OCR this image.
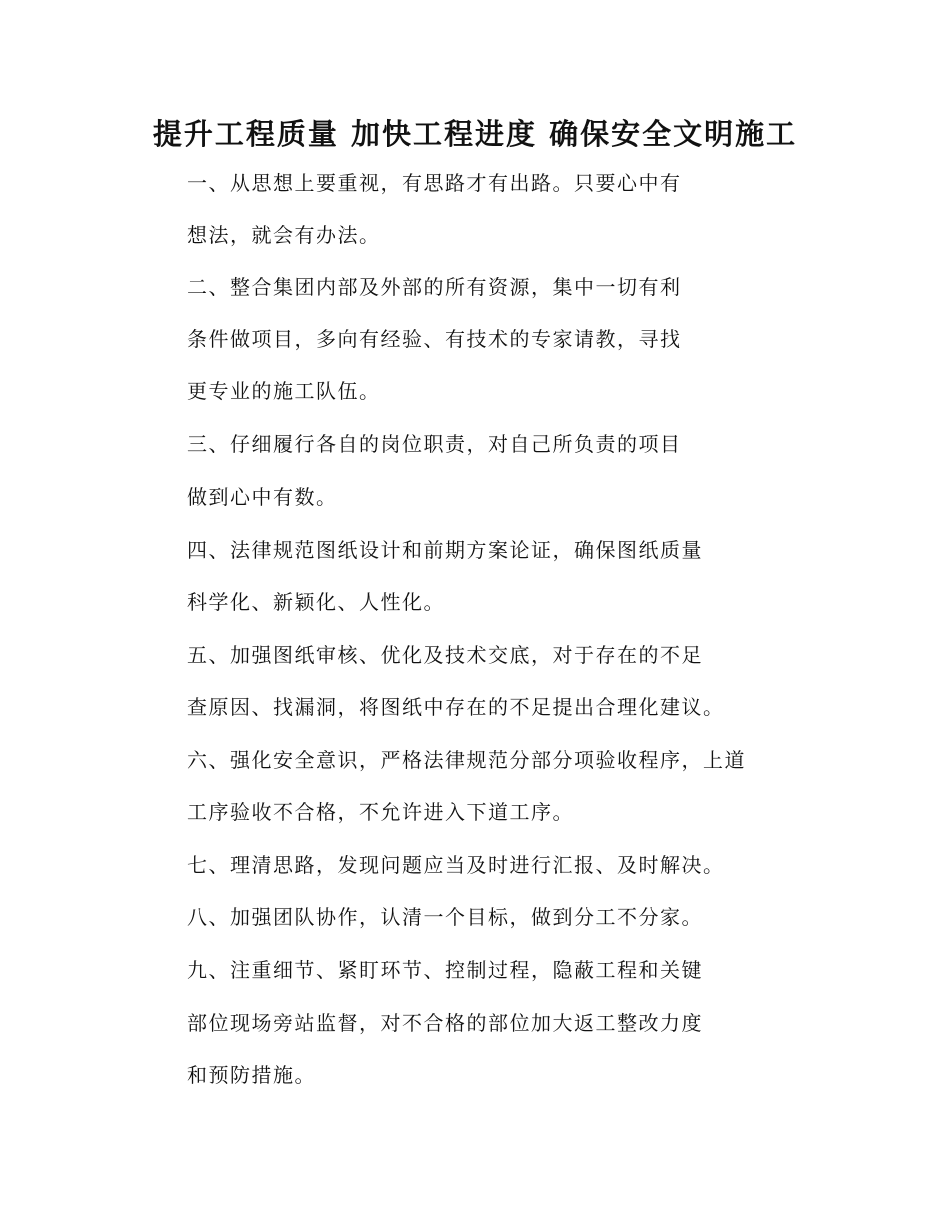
提升工程质量 加快工程进度 确保安全文明施工
一、从思想上要重视，有思路才有出路。只要心中有
想法，就会有办法。
二、整合集团内部及外部的所有资源，集中一切有利
条件做项目，多向有经验、有技术的专家请教，寻找
更专业的施工队伍。
三、仔细履行各自的岗位职责，对自己所负责的项目
做到心中有数。
四、法律规范图纸设计和前期方案论证，确保图纸质量
科学化、新颖化、人性化。
五、加强图纸审核、优化及技术交底，对于存在的不足
查原因、找漏洞，将图纸中存在的不足提出合理化建议。
六、强化安全意识，严格法律规范分部分项验收程序，上道
工序验收不合格，不允许进入下道工序。
七、理清思路，发现问题应当及时进行汇报、及时解决。
八、加强团队协作，认清一个目标，做到分工不分家。
九、注重细节、紧盯环节、控制过程，隐蔽工程和关键
部位现场旁站监督，对不合格的部位加大返工整改力度
和预防措施。
